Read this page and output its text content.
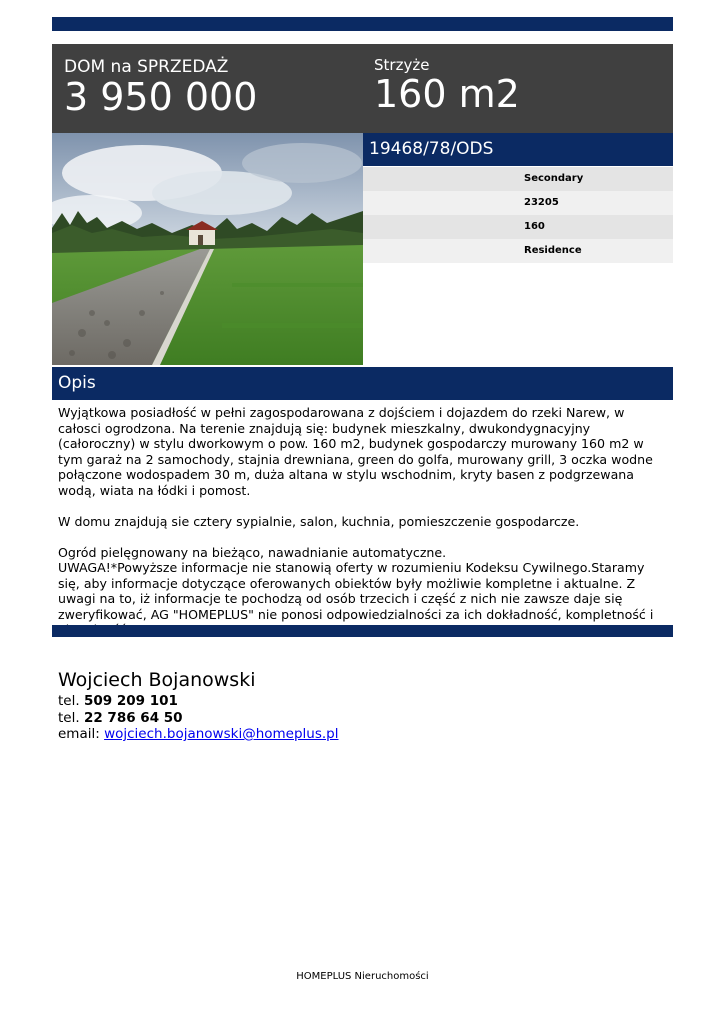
DOM na SPRZEDAŻ
3 950 000
Strzyże
160 m2
19468/78/ODS
Secondary
23205
160
Residence
Opis

Wyjątkowa posiadłość w pełni zagospodarowana z dojściem i dojazdem do rzeki Narew, w całosci ogrodzona. Na terenie znajdują się: budynek mieszkalny, dwukondygnacyjny (całoroczny) w stylu dworkowym o pow. 160 m2, budynek gospodarczy murowany 160 m2 w tym garaż na 2 samochody, stajnia drewniana, green do golfa, murowany grill, 3 oczka wodne połączone wodospadem 30 m, duża altana w stylu wschodnim, kryty basen z podgrzewana wodą, wiata na łódki i pomost.

W domu znajdują sie cztery sypialnie, salon, kuchnia, pomieszczenie gospodarcze.

Ogród pielęgnowany na bieżąco, nawadnianie automatyczne.

UWAGA!*Powyższe informacje nie stanowią oferty w rozumieniu Kodeksu Cywilnego.Staramy się, aby informacje dotyczące oferowanych obiektów były możliwie kompletne i aktualne. Z uwagi na to, iż informacje te pochodzą od osób trzecich i część z nich nie zawsze daje się zweryfikować, AG "HOMEPLUS" nie ponosi odpowiedzialności za ich dokładność, kompletność i

Wojciech Bojanowski
tel. 509 209 101
tel. 22 786 64 50
email: wojciech.bojanowski@homeplus.pl
HOMEPLUS Nieruchomości
